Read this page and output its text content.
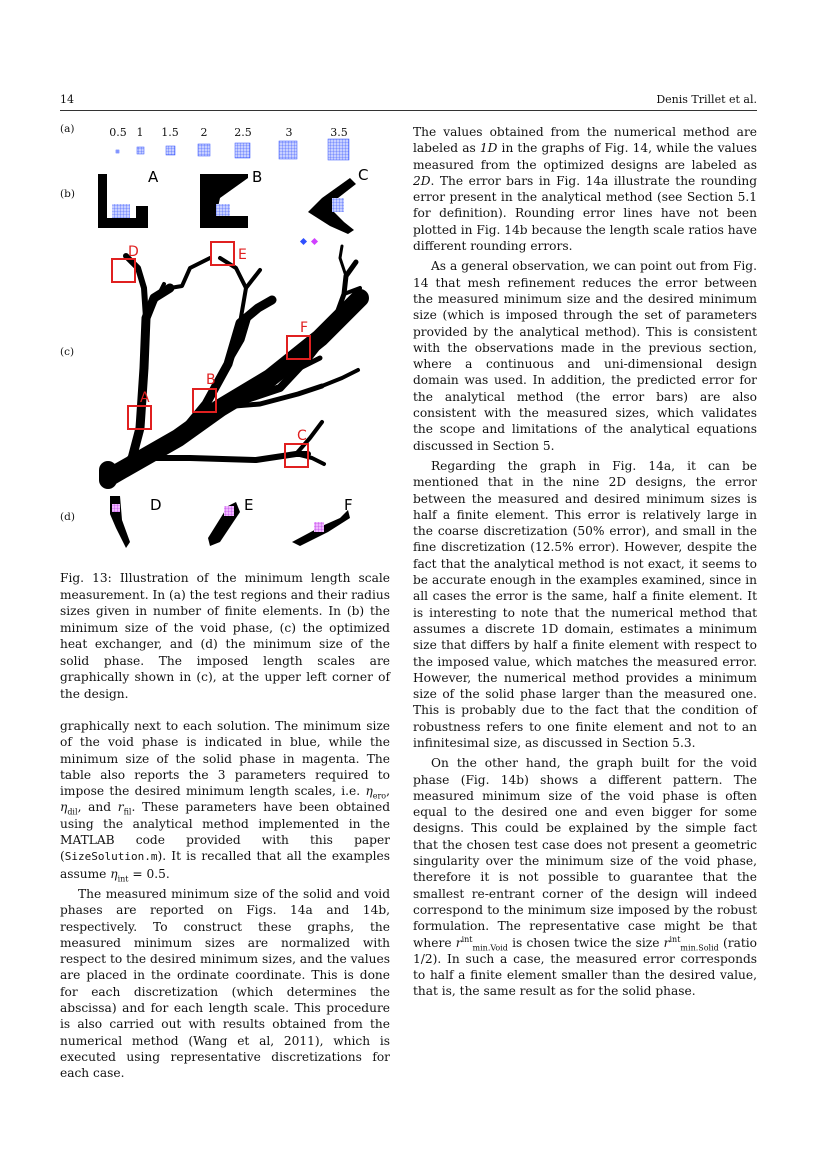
14	Denis Trillet et al.
(a)
(b)
(c)
(d)
0.5 1 1.5 2 2.5	3	3.5
A	B	C
A
B
C
D	E
F
D	E	F
Fig. 13: Illustration of the minimum length scale measurement. In (a) the test regions and their radius sizes given in number of finite elements. In (b) the minimum size of the void phase, (c) the optimized heat exchanger, and (d) the minimum size of the solid phase. The imposed length scales are graphically shown in (c), at the upper left corner of the design.

graphically next to each solution. The minimum size of the void phase is indicated in blue, while the minimum size of the solid phase in magenta. The table also reports the 3 parameters required to impose the desired minimum length scales, i.e. $\eta_{ero}$, $\eta_{dil}$, and $r_{fil}$. These parameters have been obtained using the analytical method implemented in the MATLAB code provided with this paper (SizeSolution.m). It is recalled that all the examples assume $\eta_{int} = 0.5$.

The measured minimum size of the solid and void phases are reported on Figs. 14a and 14b, respectively. To construct these graphs, the measured minimum sizes are normalized with respect to the desired minimum sizes, and the values are placed in the ordinate coordinate. This is done for each discretization (which determines the abscissa) and for each length scale. This procedure is also carried out with results obtained from the numerical method (Wang et al, 2011), which is executed using representative discretizations for each case.

The values obtained from the numerical method are labeled as 1D in the graphs of Fig. 14, while the values measured from the optimized designs are labeled as 2D. The error bars in Fig. 14a illustrate the rounding error present in the analytical method (see Section 5.1 for definition). Rounding error lines have not been plotted in Fig. 14b because the length scale ratios have different rounding errors.

As a general observation, we can point out from Fig. 14 that mesh refinement reduces the error between the measured minimum size and the desired minimum size (which is imposed through the set of parameters provided by the analytical method). This is consistent with the observations made in the previous section, where a continuous and uni-dimensional design domain was used. In addition, the predicted error for the analytical method (the error bars) are also consistent with the measured sizes, which validates the scope and limitations of the analytical equations discussed in Section 5.

Regarding the graph in Fig. 14a, it can be mentioned that in the nine 2D designs, the error between the measured and desired minimum sizes is half a finite element. This error is relatively large in the coarse discretization (50% error), and small in the fine discretization (12.5% error). However, despite the fact that the analytical method is not exact, it seems to be accurate enough in the examples examined, since in all cases the error is the same, half a finite element. It is interesting to note that the numerical method that assumes a discrete 1D domain, estimates a minimum size that differs by half a finite element with respect to the imposed value, which matches the measured error. However, the numerical method provides a minimum size of the solid phase larger than the measured one. This is probably due to the fact that the condition of robustness refers to one finite element and not to an infinitesimal size, as discussed in Section 5.3.

On the other hand, the graph built for the void phase (Fig. 14b) shows a different pattern. The measured minimum size of the void phase is often equal to the desired one and even bigger for some designs. This could be explained by the simple fact that the chosen test case does not present a geometric singularity over the minimum size of the void phase, therefore it is not possible to guarantee that the smallest re-entrant corner of the design will indeed correspond to the minimum size imposed by the robust formulation. The representative case might be that where $r^{int}_{min.Void}$ is chosen twice the size $r^{int}_{min.Solid}$ (ratio 1/2). In such a case, the measured error corresponds to half a finite element smaller than the desired value, that is, the same result as for the solid phase.
